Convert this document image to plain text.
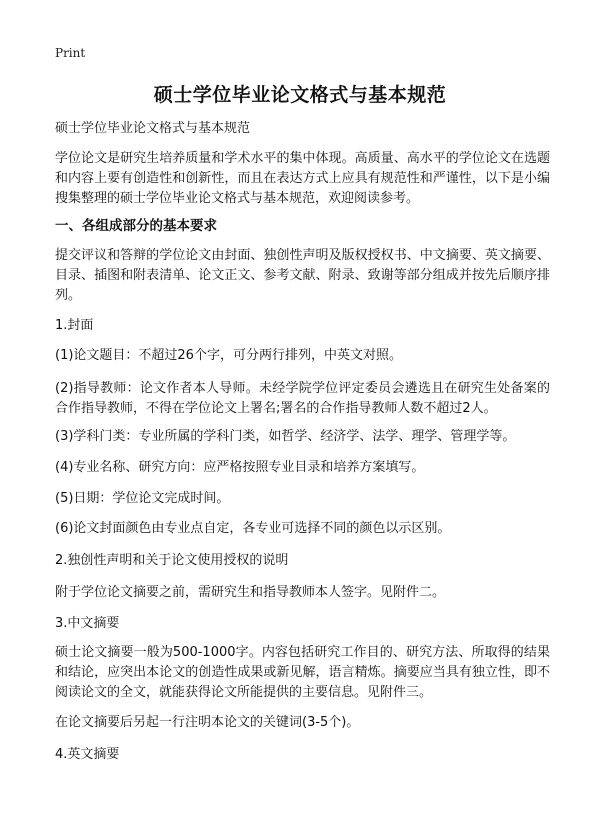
Print
硕士学位毕业论文格式与基本规范
硕士学位毕业论文格式与基本规范
学位论文是研究生培养质量和学术水平的集中体现。高质量、高水平的学位论文在选题和内容上要有创造性和创新性，而且在表达方式上应具有规范性和严谨性，以下是小编搜集整理的硕士学位毕业论文格式与基本规范，欢迎阅读参考。
一、各组成部分的基本要求
提交评议和答辩的学位论文由封面、独创性声明及版权授权书、中文摘要、英文摘要、目录、插图和附表清单、论文正文、参考文献、附录、致谢等部分组成并按先后顺序排列。
1.封面
(1)论文题目：不超过26个字，可分两行排列，中英文对照。
(2)指导教师：论文作者本人导师。未经学院学位评定委员会遴选且在研究生处备案的合作指导教师，不得在学位论文上署名;署名的合作指导教师人数不超过2人。
(3)学科门类：专业所属的学科门类，如哲学、经济学、法学、理学、管理学等。
(4)专业名称、研究方向：应严格按照专业目录和培养方案填写。
(5)日期：学位论文完成时间。
(6)论文封面颜色由专业点自定，各专业可选择不同的颜色以示区别。
2.独创性声明和关于论文使用授权的说明
附于学位论文摘要之前，需研究生和指导教师本人签字。见附件二。
3.中文摘要
硕士论文摘要一般为500-1000字。内容包括研究工作目的、研究方法、所取得的结果和结论，应突出本论文的创造性成果或新见解，语言精炼。摘要应当具有独立性，即不阅读论文的全文，就能获得论文所能提供的主要信息。见附件三。
在论文摘要后另起一行注明本论文的关键词(3-5个)。
4.英文摘要
